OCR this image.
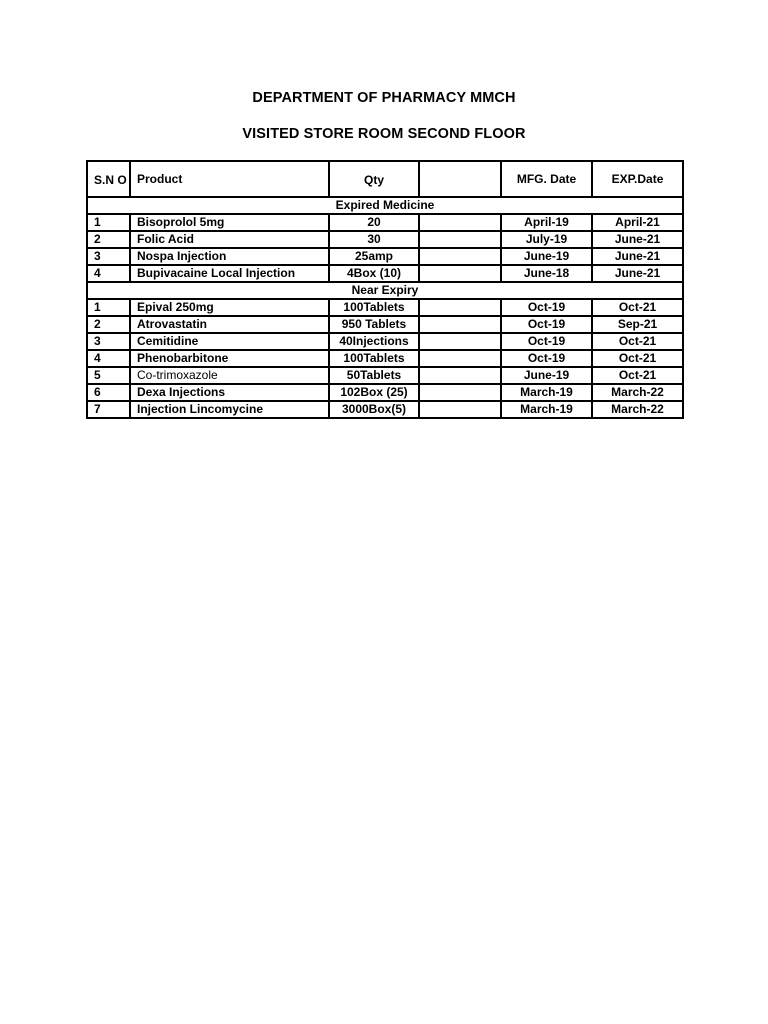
DEPARTMENT OF PHARMACY MMCH
VISITED STORE ROOM SECOND FLOOR
S.N O	Product	Qty		MFG. Date	EXP.Date
Expired Medicine					
1	Bisoprolol 5mg	20		April-19	April-21
2	Folic Acid	30		July-19	June-21
3	Nospa Injection	25amp		June-19	June-21
4	Bupivacaine Local Injection	4Box (10)		June-18	June-21
Near Expiry					
1	Epival 250mg	100Tablets		Oct-19	Oct-21
2	Atrovastatin	950 Tablets		Oct-19	Sep-21
3	Cemitidine	40Injections		Oct-19	Oct-21
4	Phenobarbitone	100Tablets		Oct-19	Oct-21
5	Co-trimoxazole	50Tablets		June-19	Oct-21
6	Dexa Injections	102Box (25)		March-19	March-22
7	Injection Lincomycine	3000Box(5)		March-19	March-22
